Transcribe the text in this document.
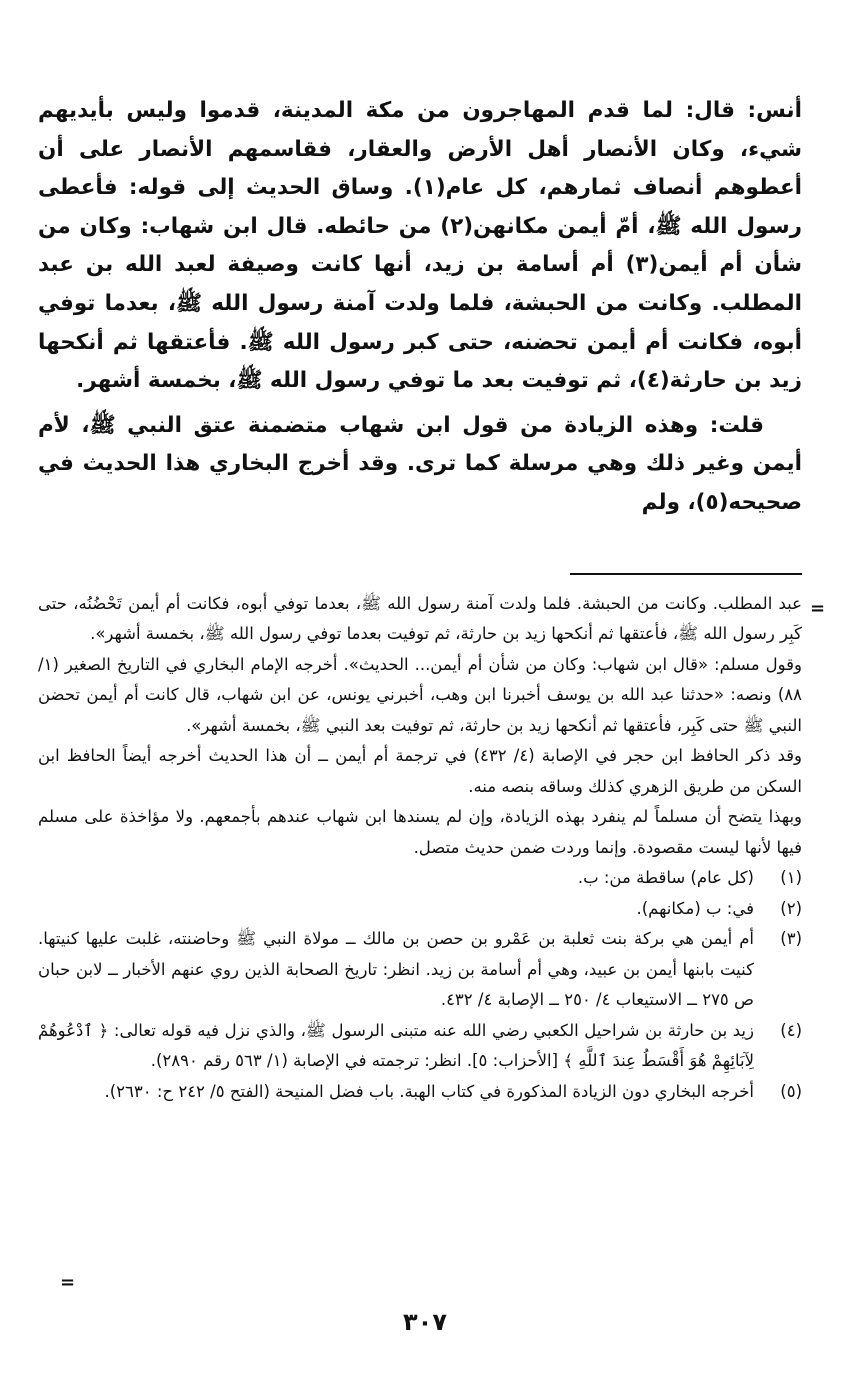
أنس: قال: لما قدم المهاجرون من مكة المدينة، قدموا وليس بأيديهم شيء، وكان الأنصار أهل الأرض والعقار، فقاسمهم الأنصار على أن أعطوهم أنصاف ثمارهم، كل عام(١). وساق الحديث إلى قوله: فأعطى رسول الله ﷺ، أمّ أيمن مكانهن(٢) من حائطه. قال ابن شهاب: وكان من شأن أم أيمن(٣) أم أسامة بن زيد، أنها كانت وصيفة لعبد الله بن عبد المطلب. وكانت من الحبشة، فلما ولدت آمنة رسول الله ﷺ، بعدما توفي أبوه، فكانت أم أيمن تحضنه، حتى كبر رسول الله ﷺ. فأعتقها ثم أنكحها زيد بن حارثة(٤)، ثم توفيت بعد ما توفي رسول الله ﷺ، بخمسة أشهر.

قلت: وهذه الزيادة من قول ابن شهاب متضمنة عتق النبي ﷺ، لأم أيمن وغير ذلك وهي مرسلة كما ترى. وقد أخرج البخاري هذا الحديث في صحيحه(٥)، ولم

=

عبد المطلب. وكانت من الحبشة. فلما ولدت آمنة رسول الله ﷺ، بعدما توفي أبوه، فكانت أم أيمن تَحْضُنُه، حتى كَبِر رسول الله ﷺ، فأعتقها ثم أنكحها زيد بن حارثة، ثم توفيت بعدما توفي رسول الله ﷺ، بخمسة أشهر».

وقول مسلم: «قال ابن شهاب: وكان من شأن أم أيمن... الحديث». أخرجه الإمام البخاري في التاريخ الصغير (١/ ٨٨) ونصه: «حدثنا عبد الله بن يوسف أخبرنا ابن وهب، أخبرني يونس، عن ابن شهاب، قال كانت أم أيمن تحضن النبي ﷺ حتى كَبِر، فأعتقها ثم أنكحها زيد بن حارثة، ثم توفيت بعد النبي ﷺ، بخمسة أشهر».

وقد ذكر الحافظ ابن حجر في الإصابة (٤/ ٤٣٢) في ترجمة أم أيمن ــ أن هذا الحديث أخرجه أيضاً الحافظ ابن السكن من طريق الزهري كذلك وساقه بنصه منه.

وبهذا يتضح أن مسلماً لم ينفرد بهذه الزيادة، وإن لم يسندها ابن شهاب عندهم بأجمعهم. ولا مؤاخذة على مسلم فيها لأنها ليست مقصودة. وإنما وردت ضمن حديث متصل.

(١)
(كل عام) ساقطة من: ب.
(٢)
في: ب (مكانهم).
(٣)
أم أيمن هي بركة بنت ثعلبة بن عَمْرو بن حصن بن مالك ــ مولاة النبي ﷺ وحاضنته، غلبت عليها كنيتها. كنيت بابنها أيمن بن عبيد، وهي أم أسامة بن زيد. انظر: تاريخ الصحابة الذين روي عنهم الأخبار ــ لابن حبان ص ٢٧٥ ــ الاستيعاب ٤/ ٢٥٠ ــ الإصابة ٤/ ٤٣٢.
(٤)
زيد بن حارثة بن شراحيل الكعبي رضي الله عنه متبنى الرسول ﷺ، والذي نزل فيه قوله تعالى: ﴿ ٱدْعُوهُمْ لِآبَائِهِمْ هُوَ أَقْسَطُ عِندَ ٱللَّهِ ﴾ [الأحزاب: ٥]. انظر: ترجمته في الإصابة (١/ ٥٦٣ رقم ٢٨٩٠).
(٥)
أخرجه البخاري دون الزيادة المذكورة في كتاب الهبة. باب فضل المنيحة (الفتح ٥/ ٢٤٢ ح: ٢٦٣٠).
=
٣٠٧
